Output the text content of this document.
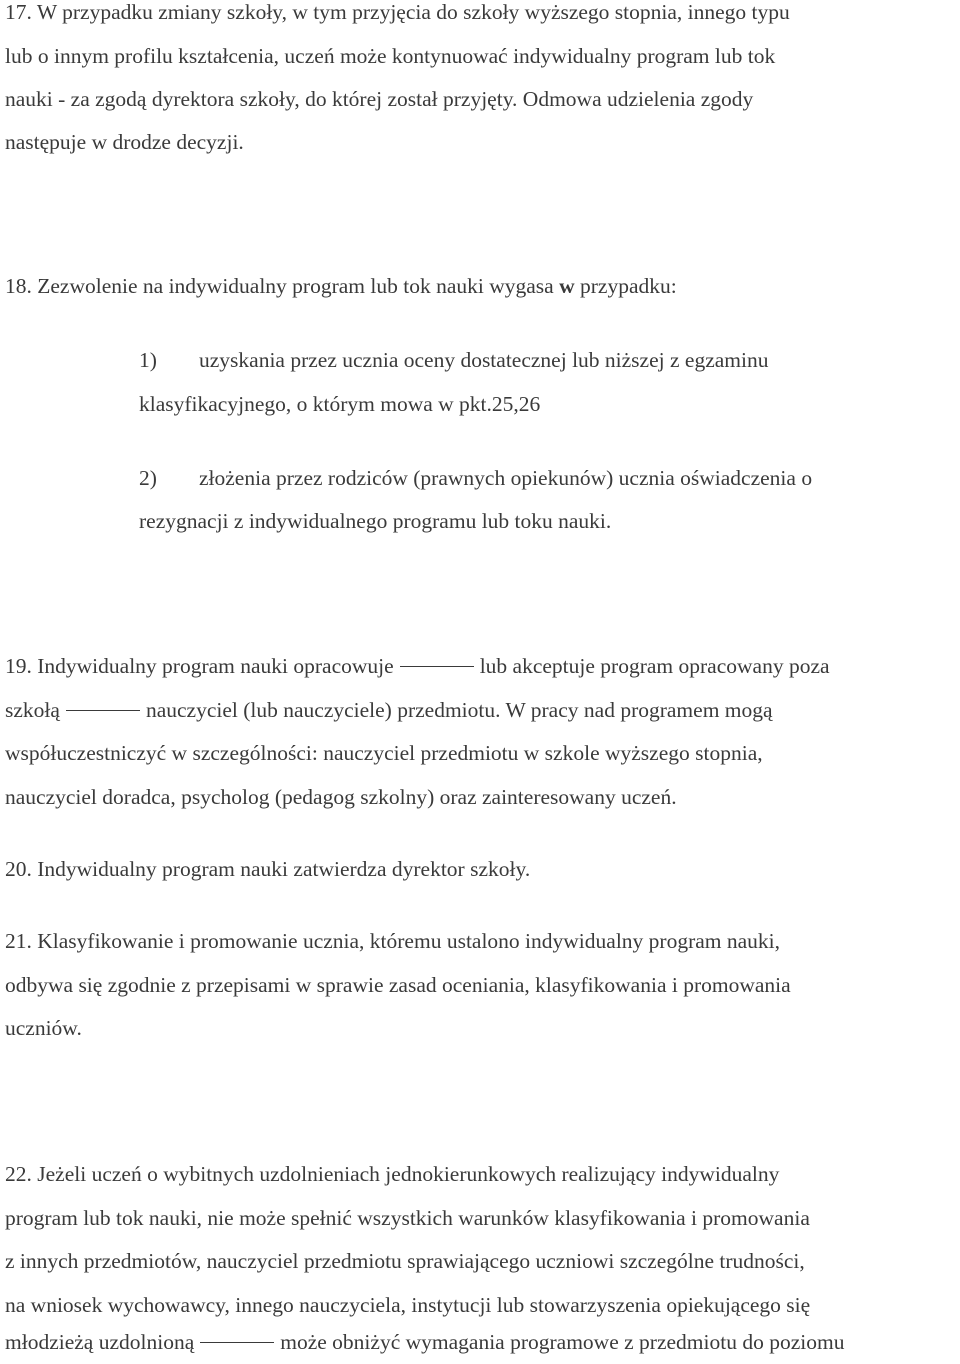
17. W przypadku zmiany szkoły, w tym przyjęcia do szkoły wyższego stopnia, innego typu

lub o innym profilu kształcenia, uczeń może kontynuować indywidualny program lub tok

nauki - za zgodą dyrektora szkoły, do której został przyjęty. Odmowa udzielenia zgody

następuje w drodze decyzji.

18. Zezwolenie na indywidualny program lub tok nauki wygasa w przypadku:

1) uzyskania przez ucznia oceny dostatecznej lub niższej z egzaminu

klasyfikacyjnego, o którym mowa w pkt.25,26

2) złożenia przez rodziców (prawnych opiekunów) ucznia oświadczenia o

rezygnacji z indywidualnego programu lub toku nauki.

19. Indywidualny program nauki opracowuje	lub akceptuje program opracowany poza

szkołą	nauczyciel (lub nauczyciele) przedmiotu. W pracy nad programem mogą

współuczestniczyć w szczególności: nauczyciel przedmiotu w szkole wyższego stopnia,

nauczyciel doradca, psycholog (pedagog szkolny) oraz zainteresowany uczeń.

20. Indywidualny program nauki zatwierdza dyrektor szkoły.

21. Klasyfikowanie i promowanie ucznia, któremu ustalono indywidualny program nauki,

odbywa się zgodnie z przepisami w sprawie zasad oceniania, klasyfikowania i promowania

uczniów.

22. Jeżeli uczeń o wybitnych uzdolnieniach jednokierunkowych realizujący indywidualny

program lub tok nauki, nie może spełnić wszystkich warunków klasyfikowania i promowania

z innych przedmiotów, nauczyciel przedmiotu sprawiającego uczniowi szczególne trudności,

na wniosek wychowawcy, innego nauczyciela, instytucji lub stowarzyszenia opiekującego się

młodzieżą uzdolnioną	może obniżyć wymagania programowe z przedmiotu do poziomu
